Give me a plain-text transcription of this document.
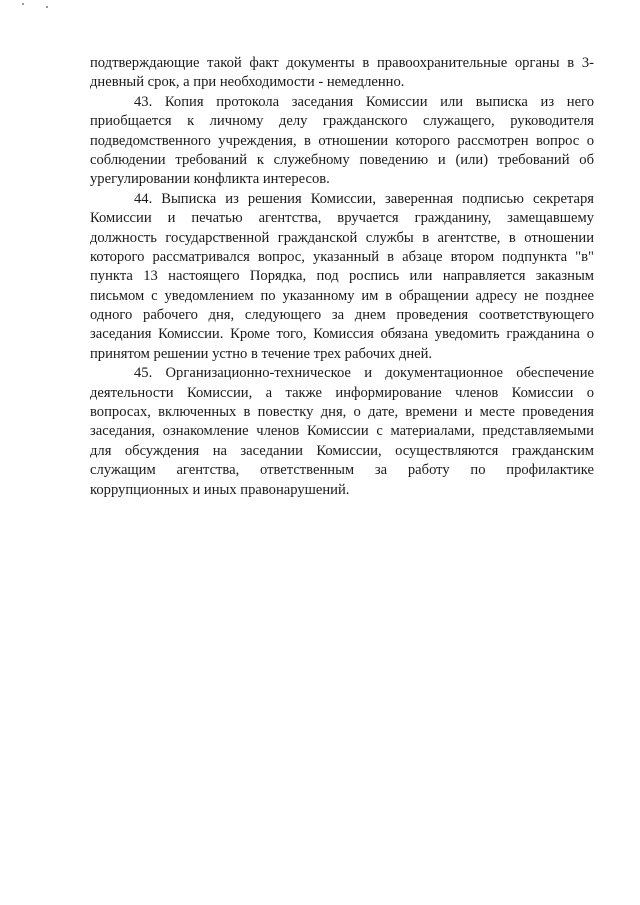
подтверждающие такой факт документы в правоохранительные органы в 3-
дневный срок, а при необходимости - немедленно.
43. Копия протокола заседания Комиссии или выписка из него
приобщается к личному делу гражданского служащего, руководителя
подведомственного учреждения, в отношении которого рассмотрен вопрос о
соблюдении требований к служебному поведению и (или) требований об
урегулировании конфликта интересов.
44. Выписка из решения Комиссии, заверенная подписью секретаря
Комиссии и печатью агентства, вручается гражданину, замещавшему
должность государственной гражданской службы в агентстве, в отношении
которого рассматривался вопрос, указанный в абзаце втором подпункта "в"
пункта 13 настоящего Порядка, под роспись или направляется заказным
письмом с уведомлением по указанному им в обращении адресу не позднее
одного рабочего дня, следующего за днем проведения соответствующего
заседания Комиссии. Кроме того, Комиссия обязана уведомить гражданина о
принятом решении устно в течение трех рабочих дней.
45. Организационно-техническое и документационное обеспечение
деятельности Комиссии, а также информирование членов Комиссии о
вопросах, включенных в повестку дня, о дате, времени и месте проведения
заседания, ознакомление членов Комиссии с материалами, представляемыми
для обсуждения на заседании Комиссии, осуществляются гражданским
служащим агентства, ответственным за работу по профилактике
коррупционных и иных правонарушений.
